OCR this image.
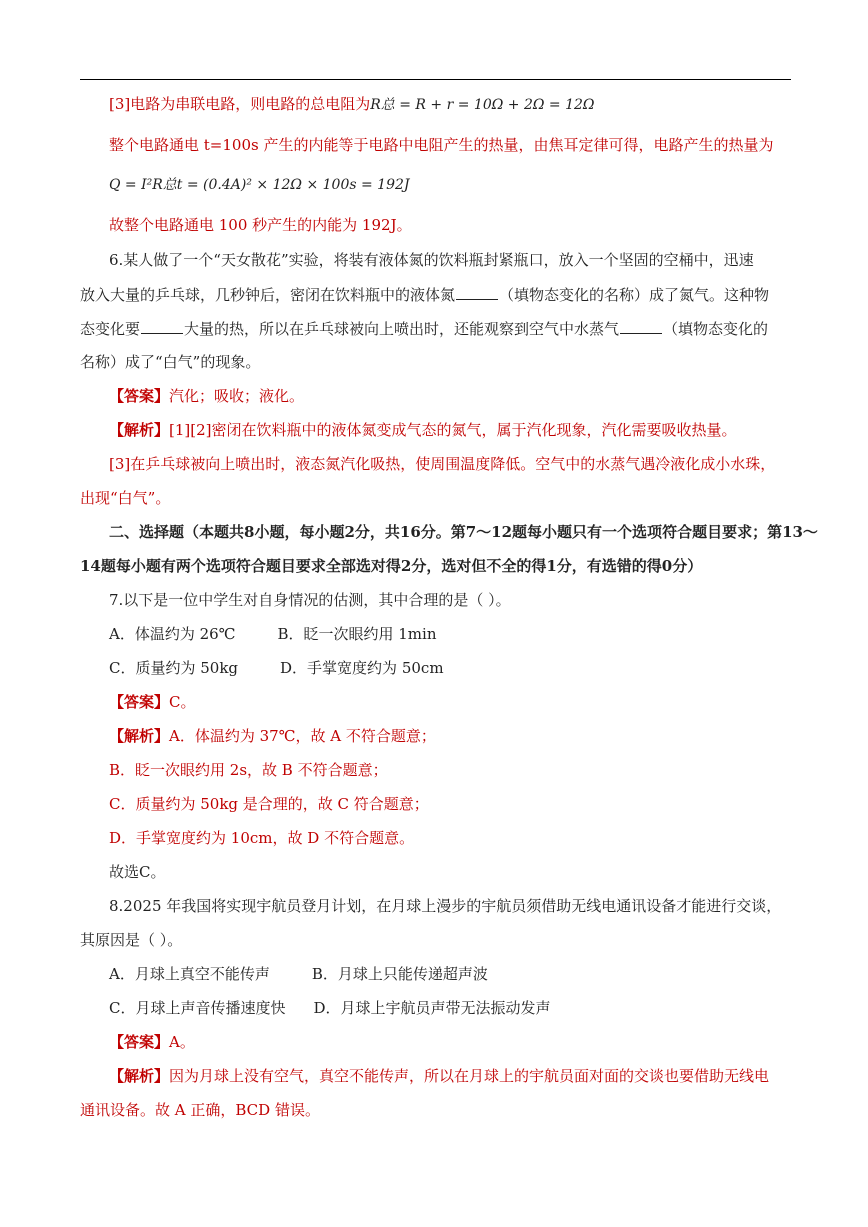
[3]电路为串联电路，则电路的总电阻为R总 = R + r = 10Ω + 2Ω = 12Ω
整个电路通电 t=100s 产生的内能等于电路中电阻产生的热量，由焦耳定律可得，电路产生的热量为
Q = I²R总t = (0.4A)² × 12Ω × 100s = 192J
故整个电路通电 100 秒产生的内能为 192J。
6.某人做了一个“天女散花”实验，将装有液体氮的饮料瓶封紧瓶口，放入一个坚固的空桶中，迅速
放入大量的乒乓球，几秒钟后，密闭在饮料瓶中的液体氮	（填物态变化的名称）成了氮气。这种物
态变化要	大量的热，所以在乒乓球被向上喷出时，还能观察到空气中水蒸气	（填物态变化的
名称）成了“白气”的现象。
【答案】汽化；吸收；液化。
【解析】[1][2]密闭在饮料瓶中的液体氮变成气态的氮气，属于汽化现象，汽化需要吸收热量。
[3]在乒乓球被向上喷出时，液态氮汽化吸热，使周围温度降低。空气中的水蒸气遇冷液化成小水珠，
出现“白气”。
二、选择题（本题共8小题，每小题2分，共16分。第7～12题每小题只有一个选项符合题目要求；第13～
14题每小题有两个选项符合题目要求全部选对得2分，选对但不全的得1分，有选错的得0分）
7.以下是一位中学生对自身情况的估测，其中合理的是（ ）。
A．体温约为 26℃	B．眨一次眼约用 1min
C．质量约为 50kg	D．手掌宽度约为 50cm
【答案】C。
【解析】A．体温约为 37℃，故 A 不符合题意；
B．眨一次眼约用 2s，故 B 不符合题意；
C．质量约为 50kg 是合理的，故 C 符合题意；
D．手掌宽度约为 10cm，故 D 不符合题意。
故选C。
8.2025 年我国将实现宇航员登月计划，在月球上漫步的宇航员须借助无线电通讯设备才能进行交谈，
其原因是（ ）。
A．月球上真空不能传声	B．月球上只能传递超声波
C．月球上声音传播速度快 D．月球上宇航员声带无法振动发声
【答案】A。
【解析】因为月球上没有空气，真空不能传声，所以在月球上的宇航员面对面的交谈也要借助无线电
通讯设备。故 A 正确，BCD 错误。
